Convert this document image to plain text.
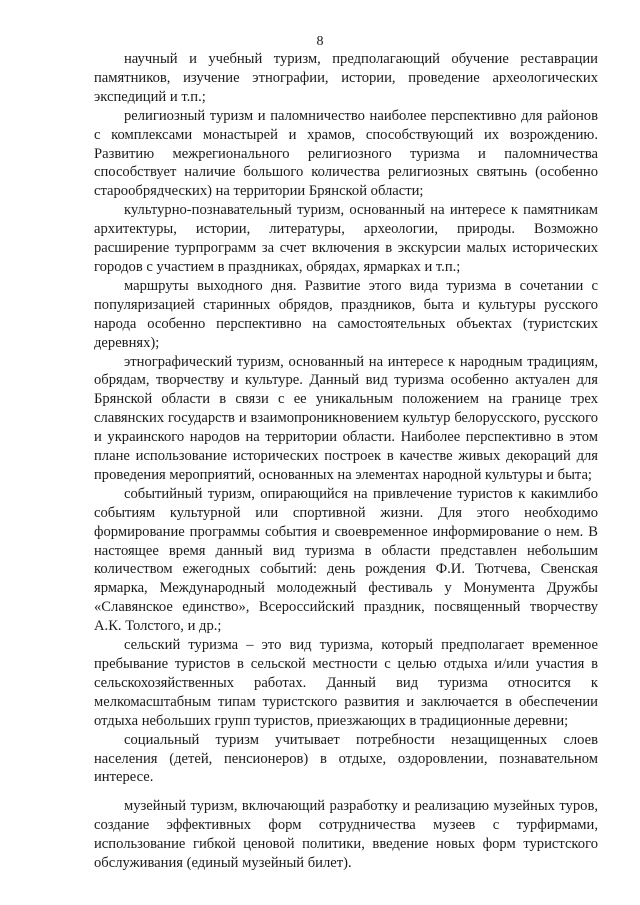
8

научный и учебный туризм, предполагающий обучение реставрации памятников, изучение этнографии, истории, проведение археологических экспедиций и т.п.;

религиозный туризм и паломничество наиболее перспективно для районов с комплексами монастырей и храмов, способствующий их возрождению. Развитию межрегионального религиозного туризма и паломничества способствует наличие большого количества религиозных святынь (особенно старообрядческих) на территории Брянской области;

культурно-познавательный туризм, основанный на интересе к памятникам архитектуры, истории, литературы, археологии, природы. Возможно расширение турпрограмм за счет включения в экскурсии малых исторических городов с участием в праздниках, обрядах, ярмарках и т.п.;

маршруты выходного дня. Развитие этого вида туризма в сочетании с популяризацией старинных обрядов, праздников, быта и культуры русского народа особенно перспективно на самостоятельных объектах (туристских деревнях);

этнографический туризм, основанный на интересе к народным традициям, обрядам, творчеству и культуре. Данный вид туризма особенно актуален для Брянской области в связи с ее уникальным положением на границе трех славянских государств и взаимопроникновением культур белорусского, русского и украинского народов на территории области. Наиболее перспективно в этом плане использование исторических построек в качестве живых декораций для проведения мероприятий, основанных на элементах народной культуры и быта;

событийный туризм, опирающийся на привлечение туристов к какимлибо событиям культурной или спортивной жизни. Для этого необходимо формирование программы события и своевременное информирование о нем. В настоящее время данный вид туризма в области представлен небольшим количеством ежегодных событий: день рождения Ф.И. Тютчева, Свенская ярмарка, Международный молодежный фестиваль у Монумента Дружбы «Славянское единство», Всероссийский праздник, посвященный творчеству А.К. Толстого, и др.;

сельский туризма – это вид туризма, который предполагает временное пребывание туристов в сельской местности с целью отдыха и/или участия в сельскохозяйственных работах. Данный вид туризма относится к мелкомасштабным типам туристского развития и заключается в обеспечении отдыха небольших групп туристов, приезжающих в традиционные деревни;

социальный туризм учитывает потребности незащищенных слоев населения (детей, пенсионеров) в отдыхе, оздоровлении, познавательном интересе.

музейный туризм, включающий разработку и реализацию музейных туров, создание эффективных форм сотрудничества музеев с турфирмами, использование гибкой ценовой политики, введение новых форм туристского обслуживания (единый музейный билет).
